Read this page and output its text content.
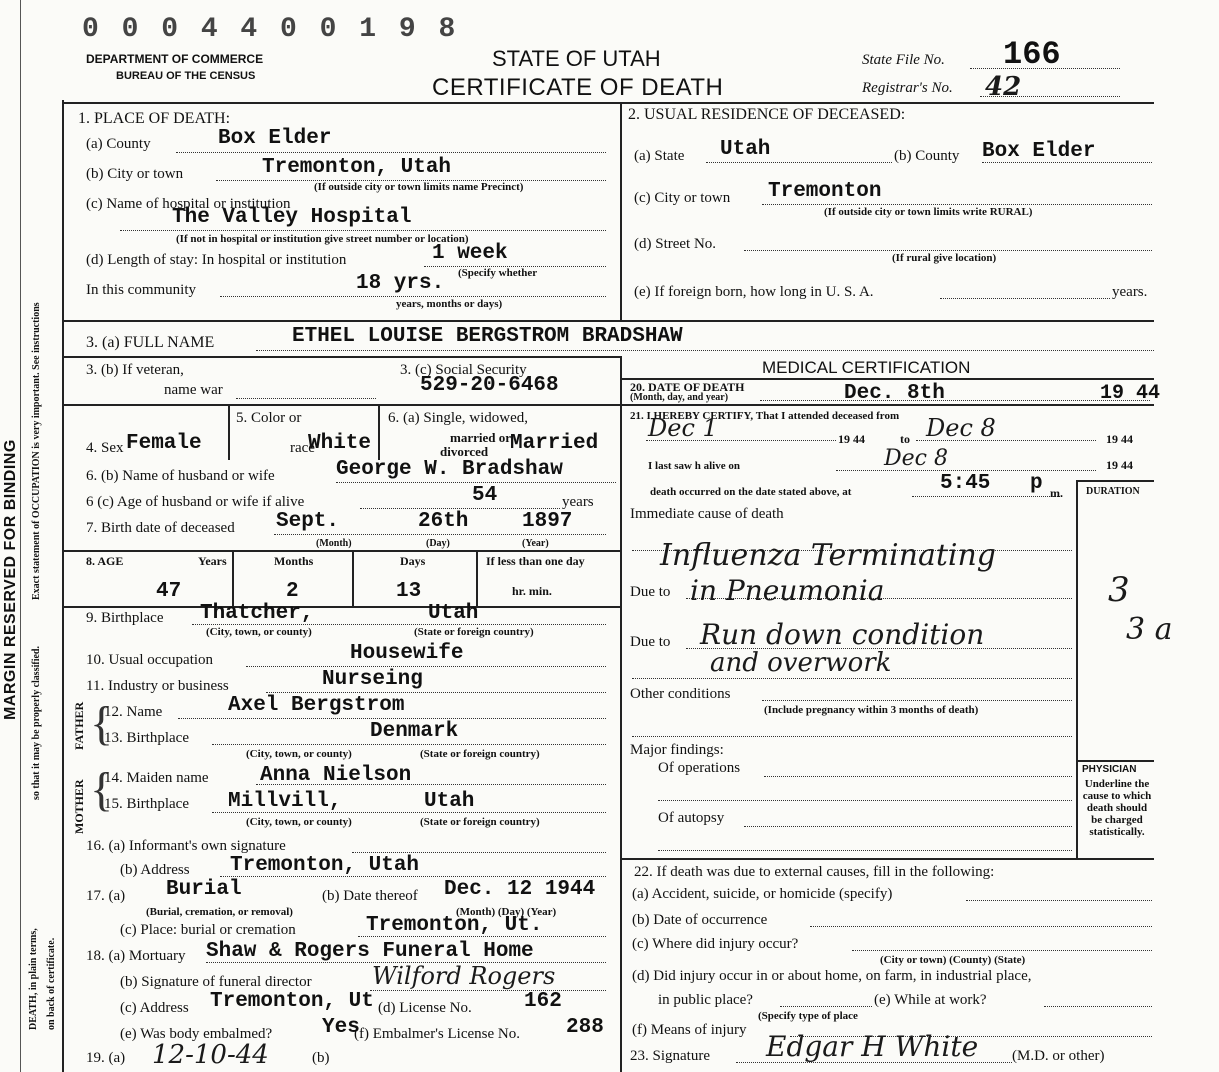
MARGIN RESERVED FOR BINDING Exact statement of OCCUPATION is very important. See instructions
so that it may be properly classified.
DEATH, in plain terms, on back of certificate.
0 0 0 4 4 0 0 1 9 8
DEPARTMENT OF COMMERCE
BUREAU OF THE CENSUS
STATE OF UTAH
CERTIFICATE OF DEATH
State File No. 166
Registrar's No. 42
1. PLACE OF DEATH:
(a) County	Box Elder
(b) City or town	Tremonton, Utah
(If outside city or town limits name Precinct)
(c) Name of hospital or institution
The Valley Hospital
(If not in hospital or institution give street number or location)
(d) Length of stay: In hospital or institution	1 week
(Specify whether
In this community	18 yrs.
years, months or days)
2. USUAL RESIDENCE OF DECEASED:
(a) State Utah	(b) County Box Elder
(c) City or town Tremonton
(If outside city or town limits write RURAL)
(d) Street No.
(If rural give location)
(e) If foreign born, how long in U. S. A.	years.
3. (a) FULL NAME	ETHEL LOUISE BERGSTROM BRADSHAW
3. (b) If veteran,
name war
3. (c) Social Security
529-20-6468
MEDICAL CERTIFICATION
20. DATE OF DEATH
(Month, day, and year)	Dec. 8th	19 44
4. Sex Female
5. Color or
race
White
6. (a) Single, widowed,
married or
divorced Married
6. (b) Name of husband or wife	George W. Bradshaw
6 (c) Age of husband or wife if alive	54	years
7. Birth date of deceased Sept.	26th	1897
(Month)	(Day)	(Year)
21. I HEREBY CERTIFY, That I attended deceased from
Dec 1	19 44	to Dec 8	19 44
I last saw h alive on	Dec 8	19 44
death occurred on the date stated above, at	5:45 p m. DURATION
8. AGE	Years	Months	Days	If less than one day
47	2	13	hr. min.
Immediate cause of death
Influenza Terminating
Due to in Pneumonia	3
Due to Run down condition
and overwork
3 a
Other conditions
(Include pregnancy within 3 months of death)
Major findings:
Of operations
Of autopsy
PHYSICIAN
Underline the cause to which death should be charged statistically.
9. Birthplace Thatcher,	Utah
(City, town, or county)	(State or foreign country)
10. Usual occupation	Housewife
11. Industry or business	Nurseing
FATHER {
12. Name	Axel Bergstrom
13. Birthplace	Denmark
(City, town, or county)	(State or foreign country)
MOTHER {
14. Maiden name Anna Nielson
15. Birthplace Millvill,	Utah
(City, town, or county)	(State or foreign country)
16. (a) Informant's own signature
(b) Address Tremonton, Utah
17. (a) Burial
(Burial, cremation, or removal)
(b) Date thereof Dec. 12 1944
(Month) (Day) (Year)
(c) Place: burial or cremation	Tremonton, Ut.
18. (a) Mortuary Shaw & Rogers Funeral Home
(b) Signature of funeral director	Wilford Rogers
(c) Address Tremonton, Ut (d) License No. 162
(e) Was body embalmed? Yes
(f) Embalmer's License No. 288
19. (a) 12-10-44	(b)
22. If death was due to external causes, fill in the following:
(a) Accident, suicide, or homicide (specify)
(b) Date of occurrence
(c) Where did injury occur?
(City or town) (County) (State)
(d) Did injury occur in or about home, on farm, in industrial place,
in public place?	(e) While at work?
(Specify type of place
(f) Means of injury
23. Signature Edgar H White (M.D. or other)
